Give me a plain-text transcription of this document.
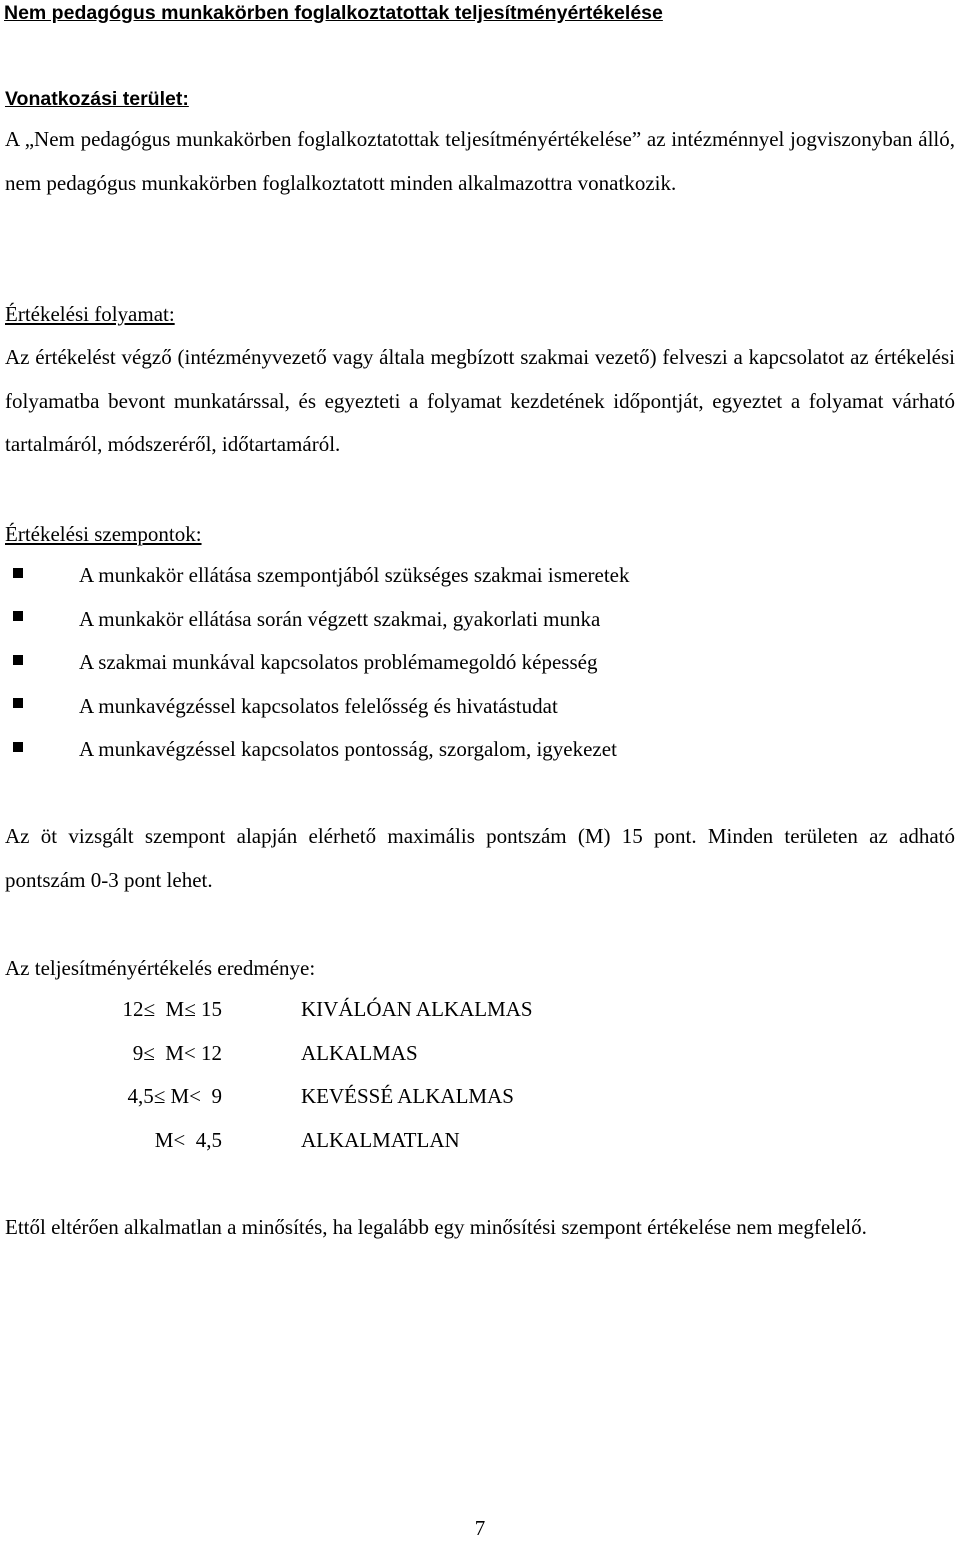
Nem pedagógus munkakörben foglalkoztatottak teljesítményértékelése
Vonatkozási terület:
A „Nem pedagógus munkakörben foglalkoztatottak teljesítményértékelése” az intézménnyel jogviszonyban álló, nem pedagógus munkakörben foglalkoztatott minden alkalmazottra vonatkozik.
Értékelési folyamat:
Az értékelést végző (intézményvezető vagy általa megbízott szakmai vezető) felveszi a kapcsolatot az értékelési folyamatba bevont munkatárssal, és egyezteti a folyamat kezdetének időpontját, egyeztet a folyamat várható tartalmáról, módszeréről, időtartamáról.
Értékelési szempontok:
A munkakör ellátása szempontjából szükséges szakmai ismeretek
A munkakör ellátása során végzett szakmai, gyakorlati munka
A szakmai munkával kapcsolatos problémamegoldó képesség
A munkavégzéssel kapcsolatos felelősség és hivatástudat
A munkavégzéssel kapcsolatos pontosság, szorgalom, igyekezet
Az öt vizsgált szempont alapján elérhető maximális pontszám (M) 15 pont. Minden területen az adható pontszám 0-3 pont lehet.
Az teljesítményértékelés eredménye:
12≤  M≤ 15	KIVÁLÓAN ALKALMAS
9≤  M< 12	ALKALMAS
4,5≤ M<  9	KEVÉSSÉ ALKALMAS
M<  4,5	ALKALMATLAN
Ettől eltérően alkalmatlan a minősítés, ha legalább egy minősítési szempont értékelése nem megfelelő.
7
